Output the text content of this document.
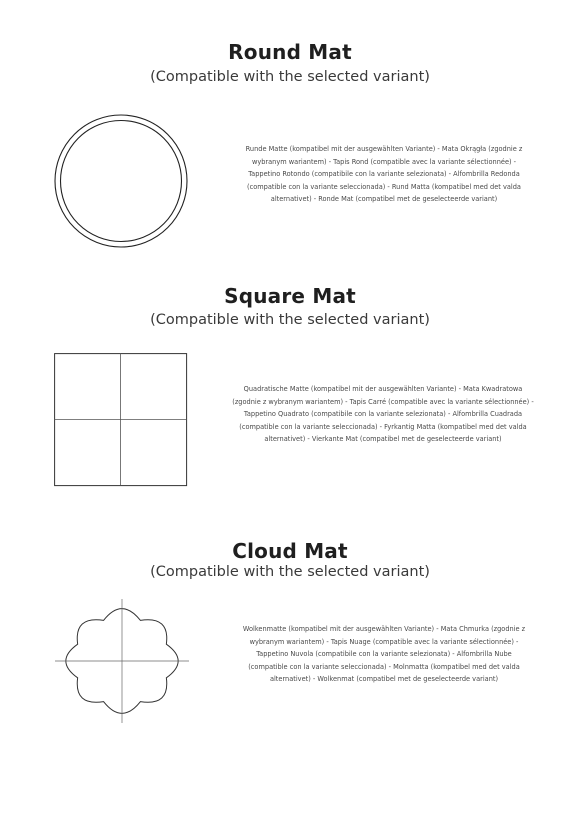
Round Mat
(Compatible with the selected variant)
Runde Matte (kompatibel mit der ausgewählten Variante) - Mata Okrągła (zgodnie z wybranym wariantem) - Tapis Rond (compatible avec la variante sélectionnée) - Tappetino Rotondo (compatibile con la variante selezionata) - Alfombrilla Redonda (compatible con la variante seleccionada) - Rund Matta (kompatibel med det valda alternativet) - Ronde Mat (compatibel met de geselecteerde variant)
Square Mat
(Compatible with the selected variant)
Quadratische Matte (kompatibel mit der ausgewählten Variante) - Mata Kwadratowa (zgodnie z wybranym wariantem) - Tapis Carré (compatible avec la variante sélectionnée) - Tappetino Quadrato (compatibile con la variante selezionata) - Alfombrilla Cuadrada (compatible con la variante seleccionada) - Fyrkantig Matta (kompatibel med det valda alternativet) - Vierkante Mat (compatibel met de geselecteerde variant)
Cloud Mat
(Compatible with the selected variant)
Wolkenmatte (kompatibel mit der ausgewählten Variante) - Mata Chmurka (zgodnie z wybranym wariantem) - Tapis Nuage (compatible avec la variante sélectionnée) - Tappetino Nuvola (compatibile con la variante selezionata) - Alfombrilla Nube (compatible con la variante seleccionada) - Molnmatta (kompatibel med det valda alternativet) - Wolkenmat (compatibel met de geselecteerde variant)
